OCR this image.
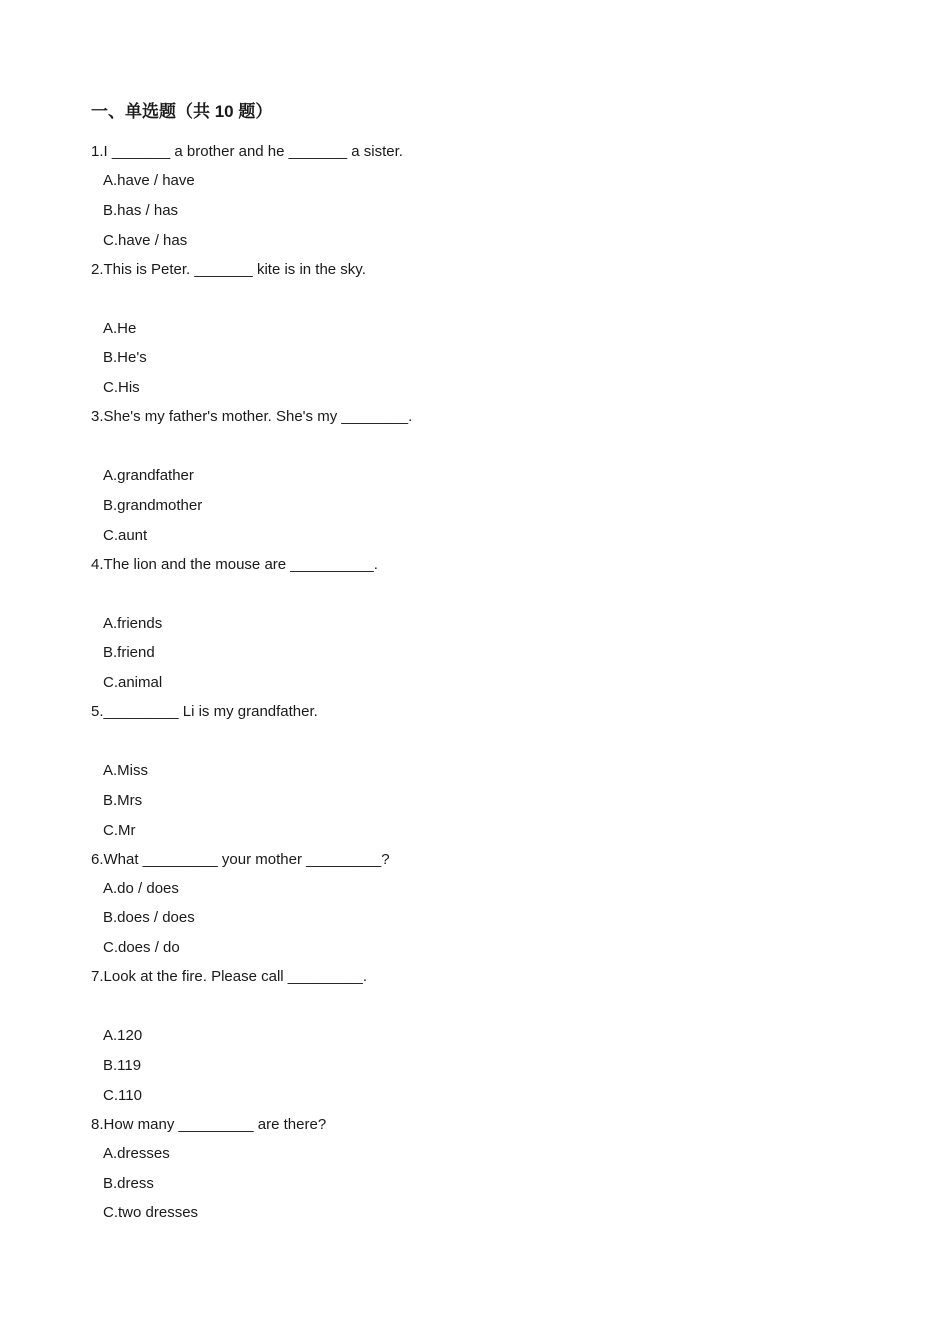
一、单选题（共 10 题）
1.I _______ a brother and he _______ a sister.
A.have / have
B.has / has
C.have / has
2.This is Peter. _______ kite is in the sky.
A.He
B.He's
C.His
3.She's my father's mother. She's my ________.
A.grandfather
B.grandmother
C.aunt
4.The lion and the mouse are __________.
A.friends
B.friend
C.animal
5._________ Li is my grandfather.
A.Miss
B.Mrs
C.Mr
6.What _________ your mother _________?
A.do / does
B.does / does
C.does / do
7.Look at the fire. Please call _________.
A.120
B.119
C.110
8.How many _________ are there?
A.dresses
B.dress
C.two dresses
